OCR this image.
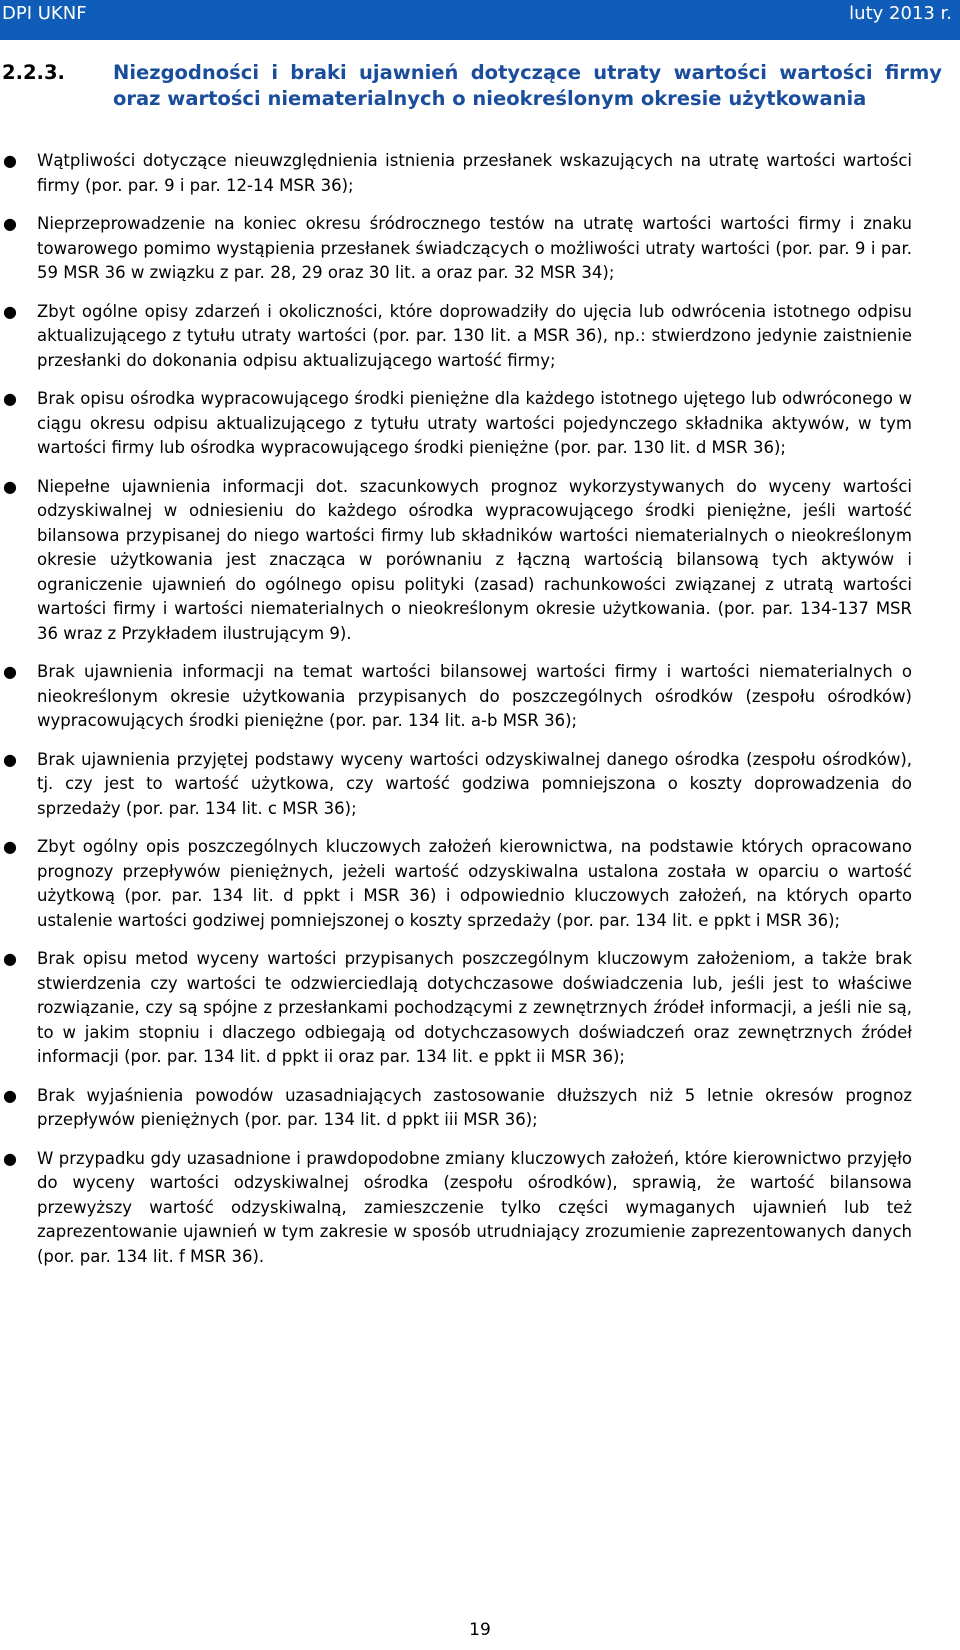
DPI UKNF	luty 2013 r.
2.2.3. Niezgodności i braki ujawnień dotyczące utraty wartości wartości firmy oraz wartości niematerialnych o nieokreślonym okresie użytkowania
● Wątpliwości dotyczące nieuwzględnienia istnienia przesłanek wskazujących na utratę wartości wartości firmy (por. par. 9 i par. 12-14 MSR 36);
● Nieprzeprowadzenie na koniec okresu śródrocznego testów na utratę wartości wartości firmy i znaku towarowego pomimo wystąpienia przesłanek świadczących o możliwości utraty wartości (por. par. 9 i par. 59 MSR 36 w związku z par. 28, 29 oraz 30 lit. a oraz par. 32 MSR 34);
● Zbyt ogólne opisy zdarzeń i okoliczności, które doprowadziły do ujęcia lub odwrócenia istotnego odpisu aktualizującego z tytułu utraty wartości (por. par. 130 lit. a MSR 36), np.: stwierdzono jedynie zaistnienie przesłanki do dokonania odpisu aktualizującego wartość firmy;
● Brak opisu ośrodka wypracowującego środki pieniężne dla każdego istotnego ujętego lub odwróconego w ciągu okresu odpisu aktualizującego z tytułu utraty wartości pojedynczego składnika aktywów, w tym wartości firmy lub ośrodka wypracowującego środki pieniężne (por. par. 130 lit. d MSR 36);
● Niepełne ujawnienia informacji dot. szacunkowych prognoz wykorzystywanych do wyceny wartości odzyskiwalnej w odniesieniu do każdego ośrodka wypracowującego środki pieniężne, jeśli wartość bilansowa przypisanej do niego wartości firmy lub składników wartości niematerialnych o nieokreślonym okresie użytkowania jest znacząca w porównaniu z łączną wartością bilansową tych aktywów i ograniczenie ujawnień do ogólnego opisu polityki (zasad) rachunkowości związanej z utratą wartości wartości firmy i wartości niematerialnych o nieokreślonym okresie użytkowania. (por. par. 134-137 MSR 36 wraz z Przykładem ilustrującym 9).
● Brak ujawnienia informacji na temat wartości bilansowej wartości firmy i wartości niematerialnych o nieokreślonym okresie użytkowania przypisanych do poszczególnych ośrodków (zespołu ośrodków) wypracowujących środki pieniężne (por. par. 134 lit. a-b MSR 36);
● Brak ujawnienia przyjętej podstawy wyceny wartości odzyskiwalnej danego ośrodka (zespołu ośrodków), tj. czy jest to wartość użytkowa, czy wartość godziwa pomniejszona o koszty doprowadzenia do sprzedaży (por. par. 134 lit. c MSR 36);
● Zbyt ogólny opis poszczególnych kluczowych założeń kierownictwa, na podstawie których opracowano prognozy przepływów pieniężnych, jeżeli wartość odzyskiwalna ustalona została w oparciu o wartość użytkową (por. par. 134 lit. d ppkt i MSR 36) i odpowiednio kluczowych założeń, na których oparto ustalenie wartości godziwej pomniejszonej o koszty sprzedaży (por. par. 134 lit. e ppkt i MSR 36);
● Brak opisu metod wyceny wartości przypisanych poszczególnym kluczowym założeniom, a także brak stwierdzenia czy wartości te odzwierciedlają dotychczasowe doświadczenia lub, jeśli jest to właściwe rozwiązanie, czy są spójne z przesłankami pochodzącymi z zewnętrznych źródeł informacji, a jeśli nie są, to w jakim stopniu i dlaczego odbiegają od dotychczasowych doświadczeń oraz zewnętrznych źródeł informacji (por. par. 134 lit. d ppkt ii oraz par. 134 lit. e ppkt ii MSR 36);
● Brak wyjaśnienia powodów uzasadniających zastosowanie dłuższych niż 5 letnie okresów prognoz przepływów pieniężnych (por. par. 134 lit. d ppkt iii MSR 36);
● W przypadku gdy uzasadnione i prawdopodobne zmiany kluczowych założeń, które kierownictwo przyjęło do wyceny wartości odzyskiwalnej ośrodka (zespołu ośrodków), sprawią, że wartość bilansowa przewyższy wartość odzyskiwalną, zamieszczenie tylko części wymaganych ujawnień lub też zaprezentowanie ujawnień w tym zakresie w sposób utrudniający zrozumienie zaprezentowanych danych (por. par. 134 lit. f MSR 36).
19
